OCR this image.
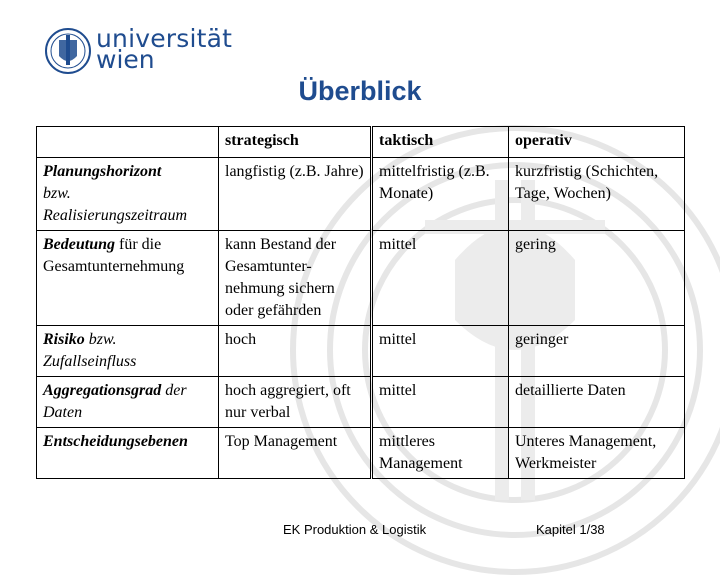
universität
wien
Überblick
	strategisch	taktisch	operativ
Planungshorizont
bzw. Realisierungszeitraum	langfistig (z.B. Jahre)	mittelfristig (z.B. Monate)	kurzfristig (Schichten, Tage, Wochen)
Bedeutung für die Gesamtunternehmung	kann Bestand der Gesamtunter-nehmung sichern oder gefährden	mittel	gering
Risiko bzw. Zufallseinfluss	hoch	mittel	geringer
Aggregationsgrad der Daten	hoch aggregiert, oft nur verbal	mittel	detaillierte Daten
Entscheidungsebenen	Top Management	mittleres Management	Unteres Management, Werkmeister
EK Produktion & Logistik	Kapitel 1/38
